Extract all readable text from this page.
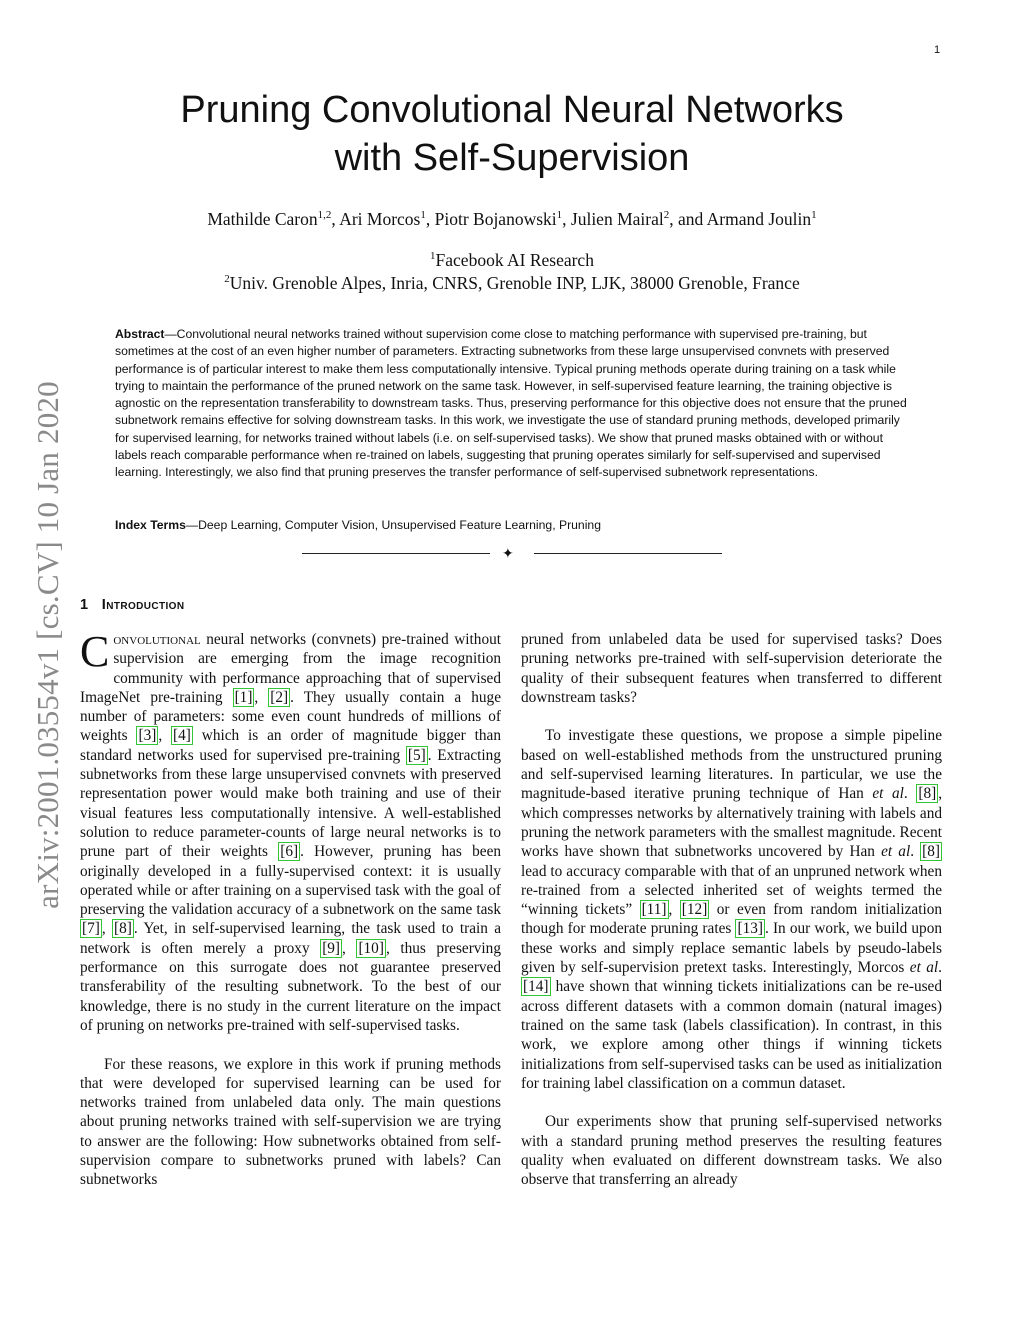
1
arXiv:2001.03554v1 [cs.CV] 10 Jan 2020
Pruning Convolutional Neural Networks
with Self-Supervision
Mathilde Caron$^{1,2}$, Ari Morcos$^1$, Piotr Bojanowski$^1$, Julien Mairal$^2$, and Armand Joulin$^1$
$^1$Facebook AI Research
$^2$Univ. Grenoble Alpes, Inria, CNRS, Grenoble INP, LJK, 38000 Grenoble, France
Abstract—Convolutional neural networks trained without supervision come close to matching performance with supervised pre-training, but sometimes at the cost of an even higher number of parameters. Extracting subnetworks from these large unsupervised convnets with preserved performance is of particular interest to make them less computationally intensive. Typical pruning methods operate during training on a task while trying to maintain the performance of the pruned network on the same task. However, in self-supervised feature learning, the training objective is agnostic on the representation transferability to downstream tasks. Thus, preserving performance for this objective does not ensure that the pruned subnetwork remains effective for solving downstream tasks. In this work, we investigate the use of standard pruning methods, developed primarily for supervised learning, for networks trained without labels (i.e. on self-supervised tasks). We show that pruned masks obtained with or without labels reach comparable performance when re-trained on labels, suggesting that pruning operates similarly for self-supervised and supervised learning. Interestingly, we also find that pruning preserves the transfer performance of self-supervised subnetwork representations.
Index Terms—Deep Learning, Computer Vision, Unsupervised Feature Learning, Pruning
✦
1 Introduction

Convolutional neural networks (convnets) pre-trained without supervision are emerging from the image recognition community with performance approaching that of supervised ImageNet pre-training [1] , [2] . They usually contain a huge number of parameters: some even count hundreds of millions of weights [3] , [4] which is an order of magnitude bigger than standard networks used for supervised pre-training [5] . Extracting subnetworks from these large unsupervised convnets with preserved representation power would make both training and use of their visual features less computationally intensive. A well-established solution to reduce parameter-counts of large neural networks is to prune part of their weights [6] . However, pruning has been originally developed in a fully-supervised context: it is usually operated while or after training on a supervised task with the goal of preserving the validation accuracy of a subnetwork on the same task [7] , [8] . Yet, in self-supervised learning, the task used to train a network is often merely a proxy [9] , [10] , thus preserving performance on this surrogate does not guarantee preserved transferability of the resulting subnetwork. To the best of our knowledge, there is no study in the current literature on the impact of pruning on networks pre-trained with self-supervised tasks.

For these reasons, we explore in this work if pruning methods that were developed for supervised learning can be used for networks trained from unlabeled data only. The main questions about pruning networks trained with self-supervision we are trying to answer are the following: How subnetworks obtained from self-supervision compare to subnetworks pruned with labels? Can subnetworks

pruned from unlabeled data be used for supervised tasks? Does pruning networks pre-trained with self-supervision deteriorate the quality of their subsequent features when transferred to different downstream tasks?

To investigate these questions, we propose a simple pipeline based on well-established methods from the unstructured pruning and self-supervised learning literatures. In particular, we use the magnitude-based iterative pruning technique of Han et al. [8] , which compresses networks by alternatively training with labels and pruning the network parameters with the smallest magnitude. Recent works have shown that subnetworks uncovered by Han et al. [8] lead to accuracy comparable with that of an unpruned network when re-trained from a selected inherited set of weights termed the “winning tickets” [11] , [12] or even from random initialization though for moderate pruning rates [13] . In our work, we build upon these works and simply replace semantic labels by pseudo-labels given by self-supervision pretext tasks. Interestingly, Morcos et al. [14] have shown that winning tickets initializations can be re-used across different datasets with a common domain (natural images) trained on the same task (labels classification). In contrast, in this work, we explore among other things if winning tickets initializations from self-supervised tasks can be used as initialization for training label classification on a commun dataset.

Our experiments show that pruning self-supervised networks with a standard pruning method preserves the resulting features quality when evaluated on different downstream tasks. We also observe that transferring an already
